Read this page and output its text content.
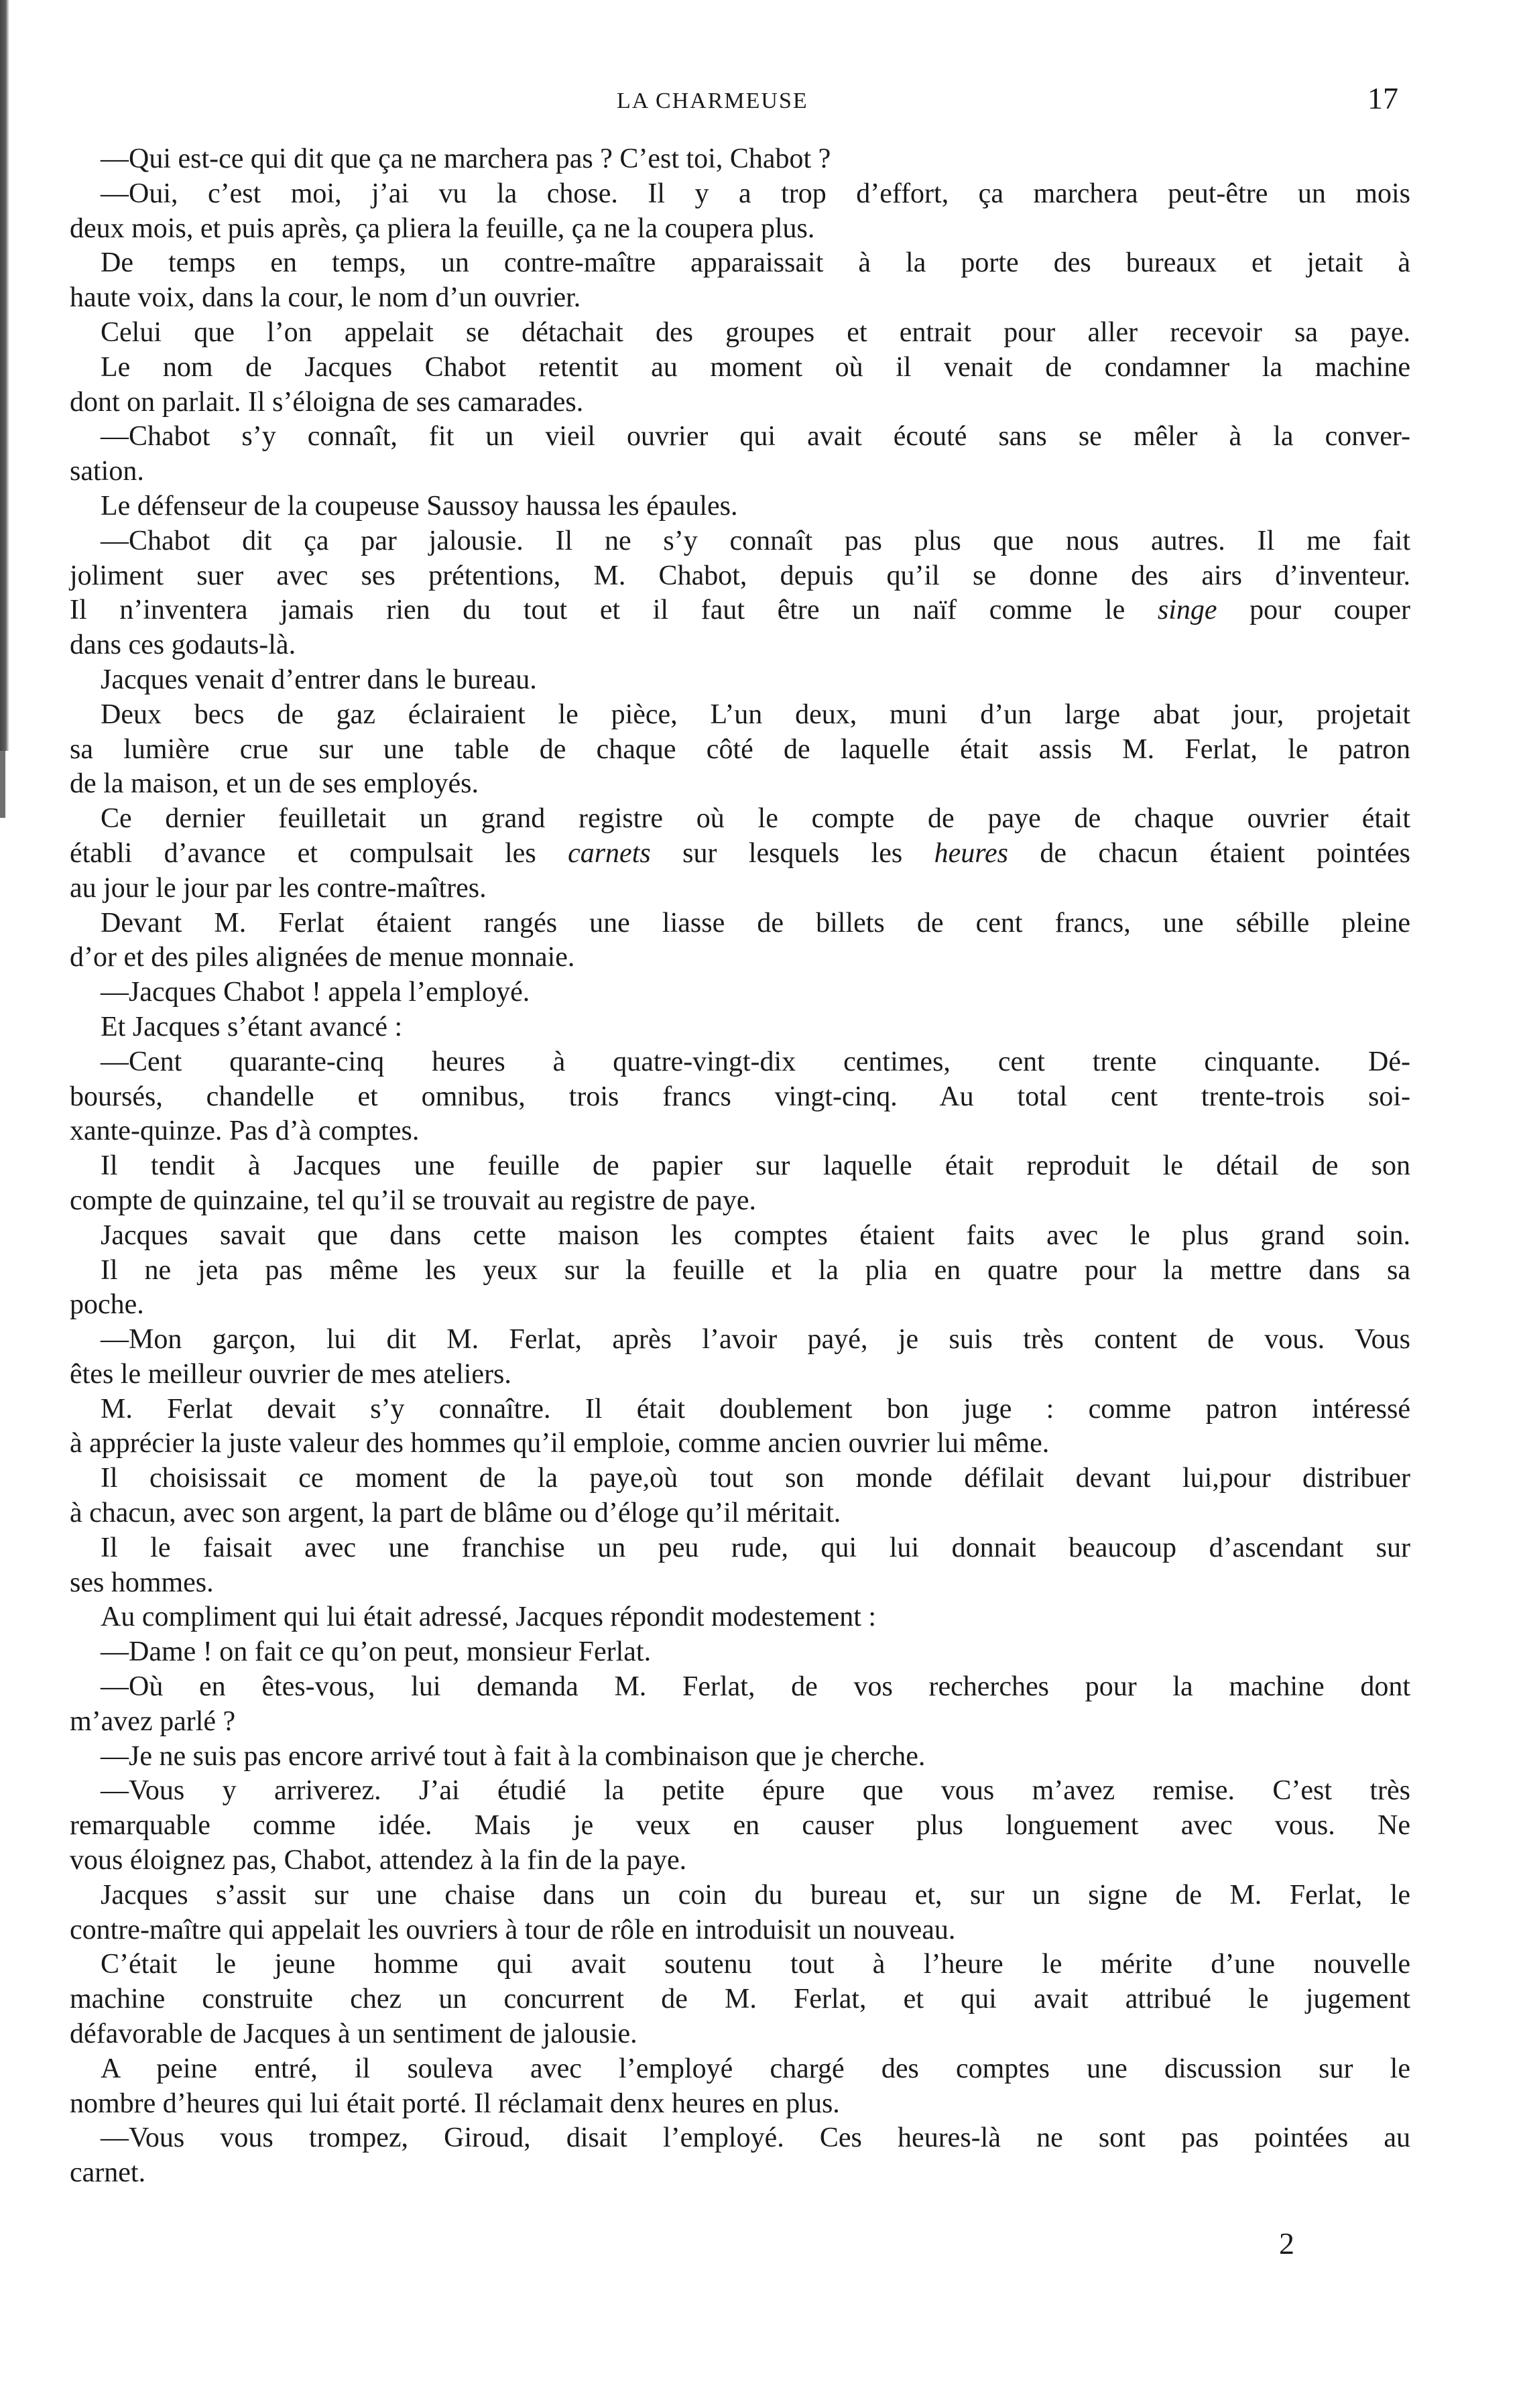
LA CHARMEUSE	17
—Qui est-ce qui dit que ça ne marchera pas ? C’est toi, Chabot ?
—Oui, c’est moi, j’ai vu la chose. Il y a trop d’effort, ça marchera peut-être un mois
deux mois, et puis après, ça pliera la feuille, ça ne la coupera plus.
De temps en temps, un contre-maître apparaissait à la porte des bureaux et jetait à
haute voix, dans la cour, le nom d’un ouvrier.
Celui que l’on appelait se détachait des groupes et entrait pour aller recevoir sa paye.
Le nom de Jacques Chabot retentit au moment où il venait de condamner la machine
dont on parlait. Il s’éloigna de ses camarades.
—Chabot s’y connaît, fit un vieil ouvrier qui avait écouté sans se mêler à la conver-
sation.
Le défenseur de la coupeuse Saussoy haussa les épaules.
—Chabot dit ça par jalousie. Il ne s’y connaît pas plus que nous autres. Il me fait
joliment suer avec ses prétentions, M. Chabot, depuis qu’il se donne des airs d’inventeur.
Il n’inventera jamais rien du tout et il faut être un naïf comme le singe pour couper
dans ces godauts-là.
Jacques venait d’entrer dans le bureau.
Deux becs de gaz éclairaient le pièce, L’un deux, muni d’un large abat jour, projetait
sa lumière crue sur une table de chaque côté de laquelle était assis M. Ferlat, le patron
de la maison, et un de ses employés.
Ce dernier feuilletait un grand registre où le compte de paye de chaque ouvrier était
établi d’avance et compulsait les carnets sur lesquels les heures de chacun étaient pointées
au jour le jour par les contre-maîtres.
Devant M. Ferlat étaient rangés une liasse de billets de cent francs, une sébille pleine
d’or et des piles alignées de menue monnaie.
—Jacques Chabot ! appela l’employé.
Et Jacques s’étant avancé :
—Cent quarante-cinq heures à quatre-vingt-dix centimes, cent trente cinquante. Dé-
boursés, chandelle et omnibus, trois francs vingt-cinq. Au total cent trente-trois soi-
xante-quinze. Pas d’à comptes.
Il tendit à Jacques une feuille de papier sur laquelle était reproduit le détail de son
compte de quinzaine, tel qu’il se trouvait au registre de paye.
Jacques savait que dans cette maison les comptes étaient faits avec le plus grand soin.
Il ne jeta pas même les yeux sur la feuille et la plia en quatre pour la mettre dans sa
poche.
—Mon garçon, lui dit M. Ferlat, après l’avoir payé, je suis très content de vous. Vous
êtes le meilleur ouvrier de mes ateliers.
M. Ferlat devait s’y connaître. Il était doublement bon juge : comme patron intéressé
à apprécier la juste valeur des hommes qu’il emploie, comme ancien ouvrier lui même.
Il choisissait ce moment de la paye,où tout son monde défilait devant lui,pour distribuer
à chacun, avec son argent, la part de blâme ou d’éloge qu’il méritait.
Il le faisait avec une franchise un peu rude, qui lui donnait beaucoup d’ascendant sur
ses hommes.
Au compliment qui lui était adressé, Jacques répondit modestement :
—Dame ! on fait ce qu’on peut, monsieur Ferlat.
—Où en êtes-vous, lui demanda M. Ferlat, de vos recherches pour la machine dont
m’avez parlé ?
—Je ne suis pas encore arrivé tout à fait à la combinaison que je cherche.
—Vous y arriverez. J’ai étudié la petite épure que vous m’avez remise. C’est très
remarquable comme idée. Mais je veux en causer plus longuement avec vous. Ne
vous éloignez pas, Chabot, attendez à la fin de la paye.
Jacques s’assit sur une chaise dans un coin du bureau et, sur un signe de M. Ferlat, le
contre-maître qui appelait les ouvriers à tour de rôle en introduisit un nouveau.
C’était le jeune homme qui avait soutenu tout à l’heure le mérite d’une nouvelle
machine construite chez un concurrent de M. Ferlat, et qui avait attribué le jugement
défavorable de Jacques à un sentiment de jalousie.
A peine entré, il souleva avec l’employé chargé des comptes une discussion sur le
nombre d’heures qui lui était porté. Il réclamait denx heures en plus.
—Vous vous trompez, Giroud, disait l’employé. Ces heures-là ne sont pas pointées au
carnet.
2
